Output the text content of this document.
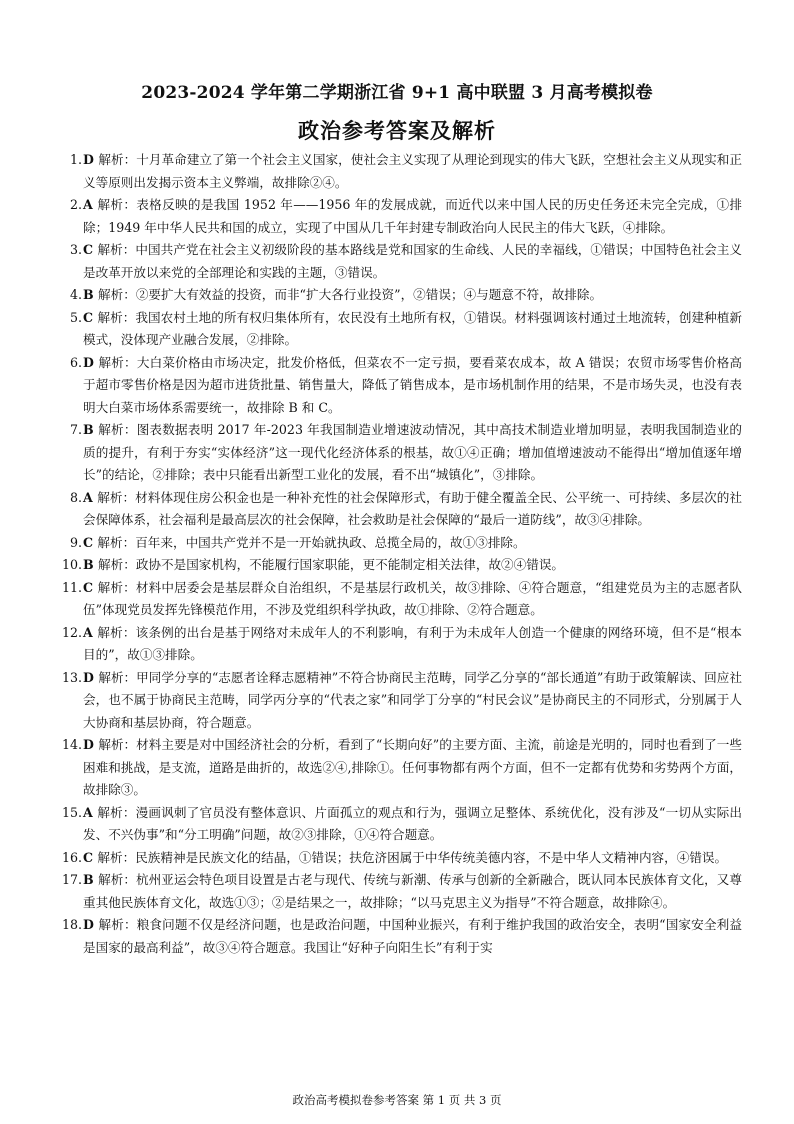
2023-2024 学年第二学期浙江省 9+1 高中联盟 3 月高考模拟卷
政治参考答案及解析
1. D 解析：十月革命建立了第一个社会主义国家，使社会主义实现了从理论到现实的伟大飞跃，空想社会主义从现实和正义等原则出发揭示资本主义弊端，故排除②④。
2. A 解析：表格反映的是我国 1952 年——1956 年的发展成就，而近代以来中国人民的历史任务还未完全完成，①排除；1949 年中华人民共和国的成立，实现了中国从几千年封建专制政治向人民民主的伟大飞跃，④排除。
3. C 解析：中国共产党在社会主义初级阶段的基本路线是党和国家的生命线、人民的幸福线，①错误；中国特色社会主义是改革开放以来党的全部理论和实践的主题，③错误。
4. B 解析：②要扩大有效益的投资，而非“扩大各行业投资”，②错误；④与题意不符，故排除。
5. C 解析：我国农村土地的所有权归集体所有，农民没有土地所有权，①错误。材料强调该村通过土地流转，创建种植新模式，没体现产业融合发展，②排除。
6. D 解析：大白菜价格由市场决定，批发价格低，但菜农不一定亏损，要看菜农成本，故 A 错误；农贸市场零售价格高于超市零售价格是因为超市进货批量、销售量大，降低了销售成本，是市场机制作用的结果，不是市场失灵，也没有表明大白菜市场体系需要统一，故排除 B 和 C。
7. B 解析：图表数据表明 2017 年-2023 年我国制造业增速波动情况，其中高技术制造业增加明显，表明我国制造业的质的提升，有利于夯实“实体经济”这一现代化经济体系的根基，故①④正确；增加值增速波动不能得出“增加值逐年增长”的结论，②排除；表中只能看出新型工业化的发展，看不出“城镇化”，③排除。
8. A 解析：材料体现住房公积金也是一种补充性的社会保障形式，有助于健全覆盖全民、公平统一、可持续、多层次的社会保障体系，社会福利是最高层次的社会保障，社会救助是社会保障的“最后一道防线”，故③④排除。
9. C 解析：百年来，中国共产党并不是一开始就执政、总揽全局的，故①③排除。
10. B 解析：政协不是国家机构，不能履行国家职能，更不能制定相关法律，故②④错误。
11. C 解析：材料中居委会是基层群众自治组织，不是基层行政机关，故③排除、④符合题意，“组建党员为主的志愿者队伍”体现党员发挥先锋模范作用，不涉及党组织科学执政，故①排除、②符合题意。
12. A 解析：该条例的出台是基于网络对未成年人的不利影响，有利于为未成年人创造一个健康的网络环境，但不是“根本目的”，故①③排除。
13. D 解析：甲同学分享的“志愿者诠释志愿精神”不符合协商民主范畴，同学乙分享的“部长通道”有助于政策解读、回应社会，也不属于协商民主范畴，同学丙分享的“代表之家”和同学丁分享的“村民会议”是协商民主的不同形式，分别属于人大协商和基层协商，符合题意。
14. D 解析：材料主要是对中国经济社会的分析，看到了“长期向好”的主要方面、主流，前途是光明的，同时也看到了一些困难和挑战，是支流，道路是曲折的，故选②④,排除①。任何事物都有两个方面，但不一定都有优势和劣势两个方面，故排除③。
15. A 解析：漫画讽刺了官员没有整体意识、片面孤立的观点和行为，强调立足整体、系统优化，没有涉及“一切从实际出发、不兴伪事”和“分工明确”问题，故②③排除，①④符合题意。
16. C 解析：民族精神是民族文化的结晶，①错误；扶危济困属于中华传统美德内容，不是中华人文精神内容，④错误。
17. B 解析：杭州亚运会特色项目设置是古老与现代、传统与新潮、传承与创新的全新融合，既认同本民族体育文化，又尊重其他民族体育文化，故选①③；②是结果之一，故排除；“以马克思主义为指导”不符合题意，故排除④。
18. D 解析：粮食问题不仅是经济问题，也是政治问题，中国种业振兴，有利于维护我国的政治安全，表明“国家安全利益是国家的最高利益”，故③④符合题意。我国让“好种子向阳生长”有利于实
政治高考模拟卷参考答案 第 1 页 共 3 页
